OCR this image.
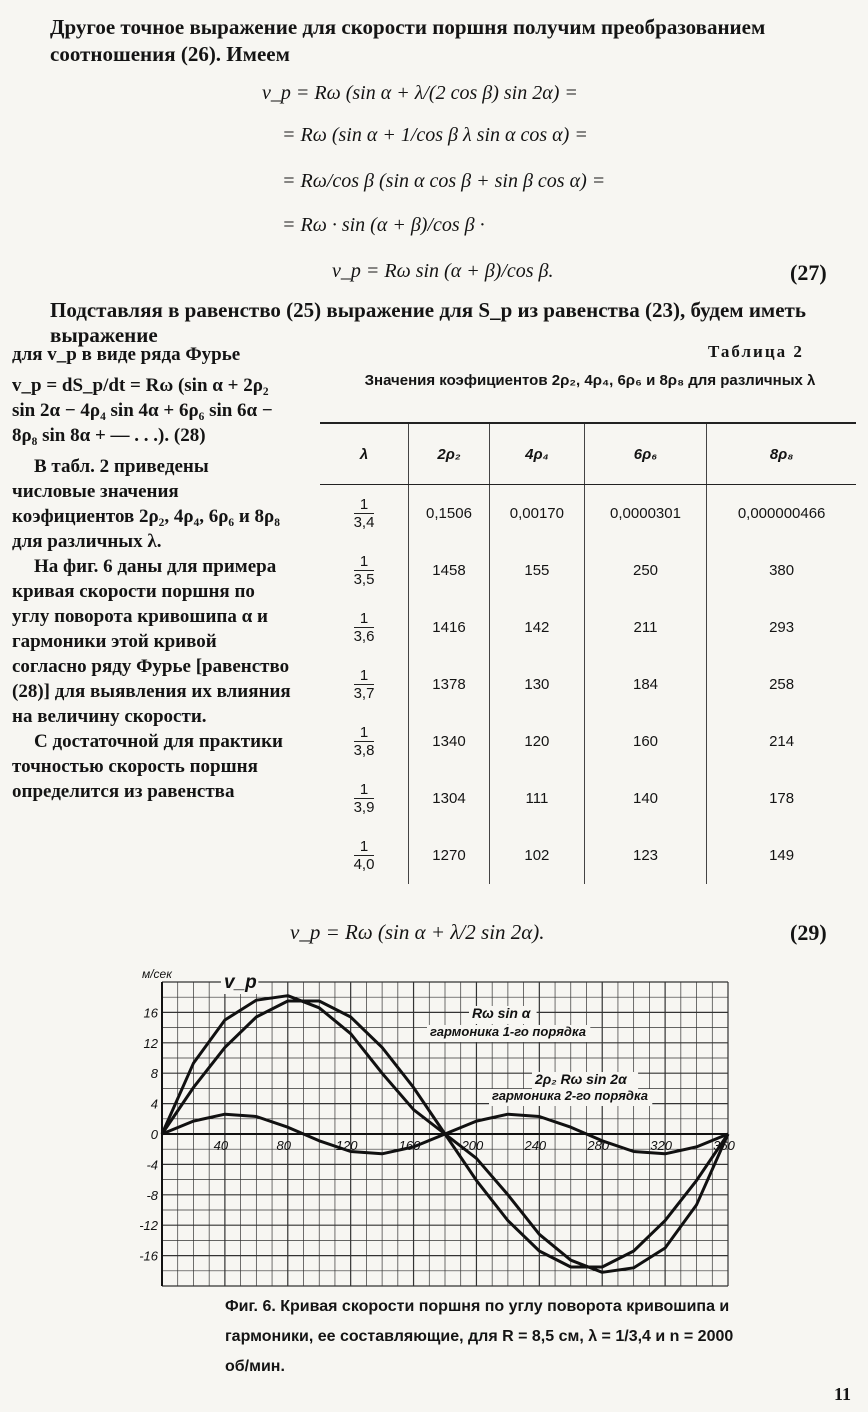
Другое точное выражение для скорости поршня получим преобразованием соотношения (26). Имеем
v_p = Rω (sin α + λ/(2 cos β) sin 2α) =
= Rω (sin α + 1/cos β λ sin α cos α) =
= Rω/cos β (sin α cos β + sin β cos α) =
= Rω · sin (α + β)/cos β ·
v_p = Rω sin (α + β)/cos β.	(27)
Подставляя в равенство (25) выражение для S_p из равенства (23), будем иметь выражение

для v_p в виде ряда Фурье

v_p = dS_p/dt = Rω (sin α + 2ρ₂ sin 2α − 4ρ₄ sin 4α + 6ρ₆ sin 6α − 8ρ₈ sin 8α + — . . .). (28)

В табл. 2 приведены числовые значения коэфициентов 2ρ₂, 4ρ₄, 6ρ₆ и 8ρ₈ для различных λ.

На фиг. 6 даны для примера кривая скорости поршня по углу поворота кривошипа α и гармоники этой кривой согласно ряду Фурье [равенство (28)] для выявления их влияния на величину скорости.

С достаточной для практики точностью скорость поршня определится из равенства

Таблица 2
Значения коэфициентов 2ρ₂, 4ρ₄, 6ρ₆ и 8ρ₈ для различных λ
λ	2ρ₂	4ρ₄	6ρ₆	8ρ₈

$\frac{1}{3,4}$	0,1506	0,00170	0,0000301	0,000000466

$\frac{1}{3,5}$	1458	155	250	380

$\frac{1}{3,6}$	1416	142	211	293

$\frac{1}{3,7}$	1378	130	184	258

$\frac{1}{3,8}$	1340	120	160	214

$\frac{1}{3,9}$	1304	111	140	178

$\frac{1}{4,0}$	1270	102	123	149
v_p = Rω (sin α + λ/2 sin 2α).	(29)
16
12
8
4
0
-4
-8
-12
-16
40	80	120	160	200	240	280	320	360
м/сек	v_p
Rω sin α
гармоника 1-го порядка
2ρ₂ Rω sin 2α
гармоника 2-го порядка
Фиг. 6. Кривая скорости поршня по углу поворота кривошипа и гармоники, ее составляющие, для R = 8,5 см, λ = 1/3,4 и n = 2000 об/мин.
11
